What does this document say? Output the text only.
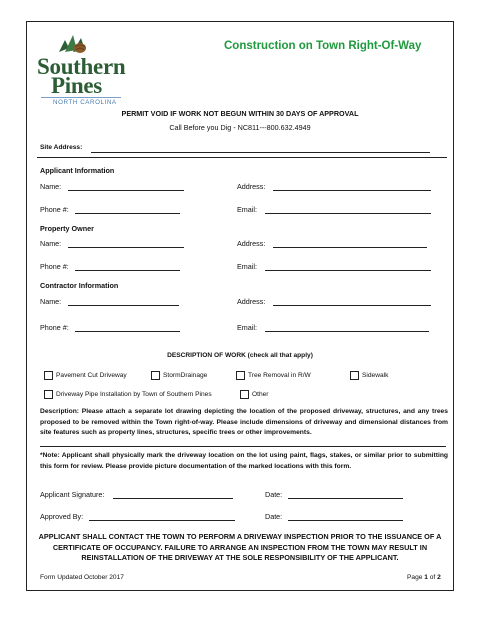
Southern
Pines
NORTH CAROLINA
Construction on Town Right-Of-Way
PERMIT VOID IF WORK NOT BEGUN WITHIN 30 DAYS OF APPROVAL
Call Before you Dig - NC811---800.632.4949
Site Address:
Applicant Information
Name:	Address:
Phone #:	Email:
Property Owner
Name:	Address:
Phone #:	Email:
Contractor Information
Name:	Address:
Phone #:	Email:
DESCRIPTION OF WORK (check all that apply)
Pavement Cut Driveway	StormDrainage	Tree Removal in R/W	Sidewalk
Driveway Pipe Installation by Town of Southern Pines	Other
Description: Please attach a separate lot drawing depicting the location of the proposed driveway, structures, and any trees proposed to be removed within the Town right-of-way. Please include dimensions of driveway and dimensional distances from site features such as property lines, structures, specific trees or other improvements.
*Note: Applicant shall physically mark the driveway location on the lot using paint, flags, stakes, or similar prior to submitting this form for review. Please provide picture documentation of the marked locations with this form.
Applicant Signature:	Date:
Approved By:	Date:
APPLICANT SHALL CONTACT THE TOWN TO PERFORM A DRIVEWAY INSPECTION PRIOR TO THE ISSUANCE OF A CERTIFICATE OF OCCUPANCY. FAILURE TO ARRANGE AN INSPECTION FROM THE TOWN MAY RESULT IN REINSTALLATION OF THE DRIVEWAY AT THE SOLE RESPONSIBILITY OF THE APPLICANT.
Form Updated October 2017	Page 1 of 2
